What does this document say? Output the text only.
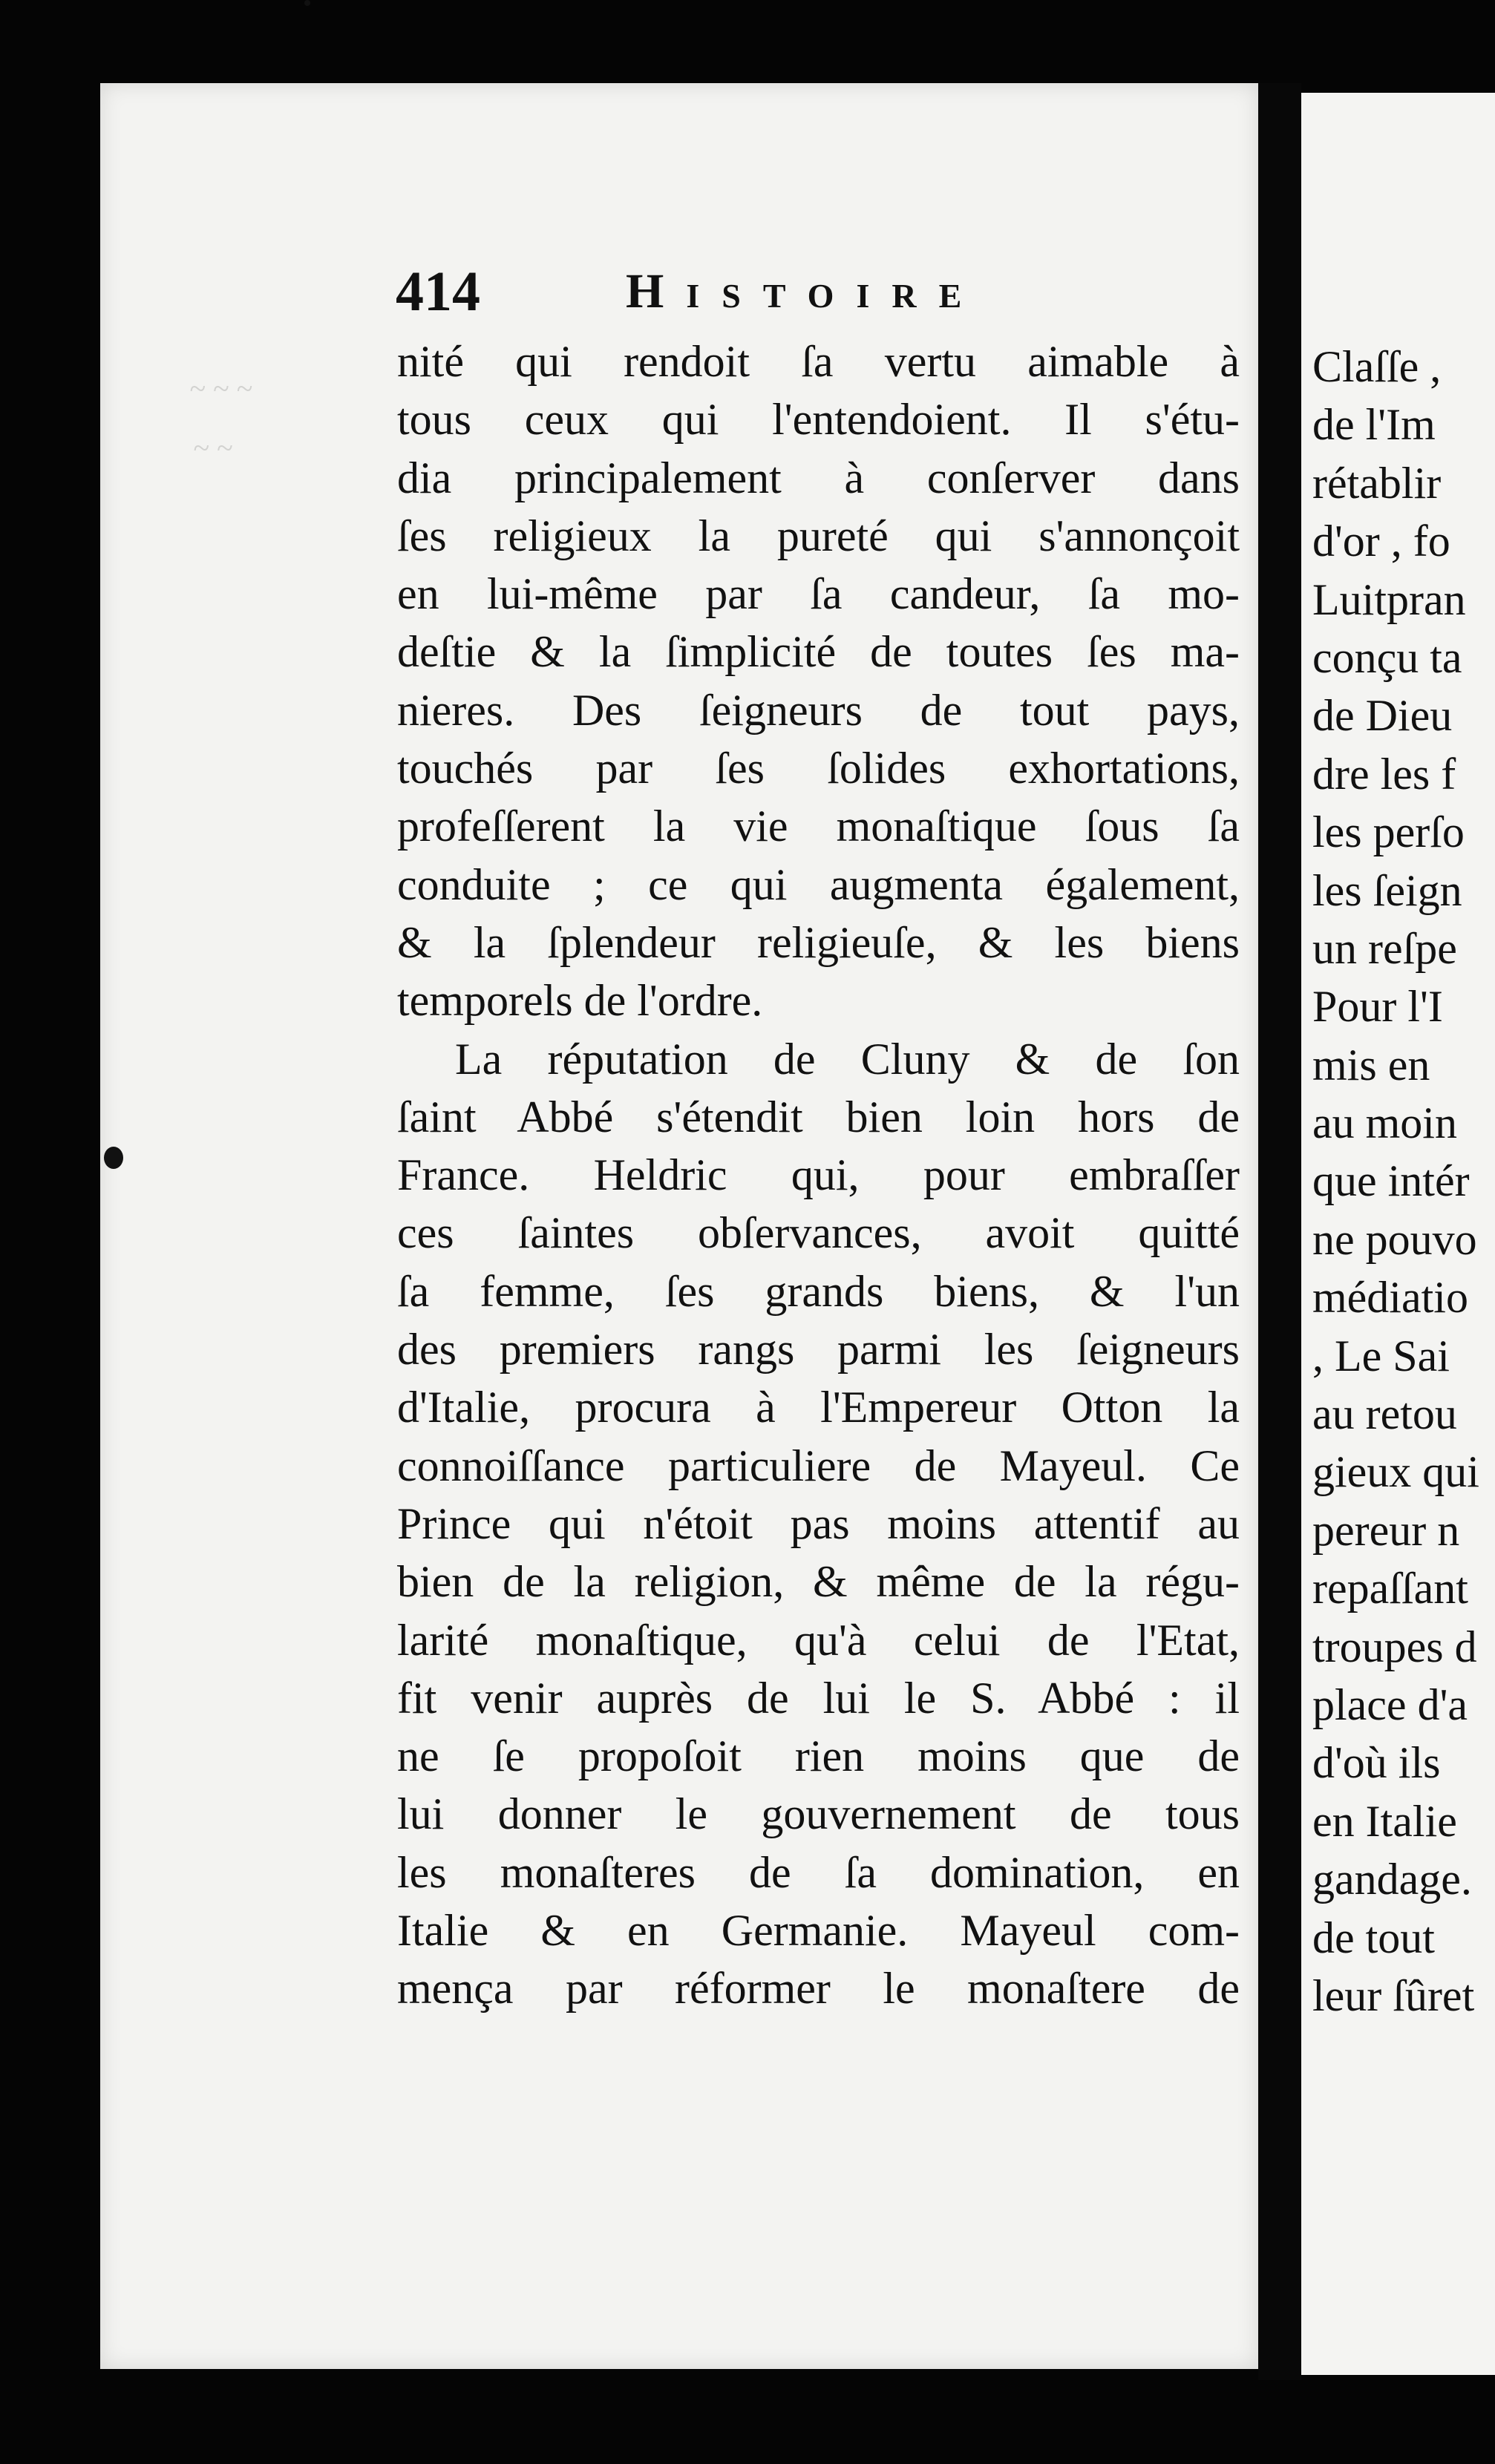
~ ~ ~
~ ~
414	Histoire
nité qui rendoit ſa vertu aimable à
tous ceux qui l'entendoient. Il s'étu-
dia principalement à conſerver dans
ſes religieux la pureté qui s'annonçoit
en lui-même par ſa candeur, ſa mo-
deſtie & la ſimplicité de toutes ſes ma-
nieres. Des ſeigneurs de tout pays,
touchés par ſes ſolides exhortations,
profeſſerent la vie monaſtique ſous ſa
conduite ; ce qui augmenta également,
& la ſplendeur religieuſe, & les biens
temporels de l'ordre.
La réputation de Cluny & de ſon
ſaint Abbé s'étendit bien loin hors de
France. Heldric qui, pour embraſſer
ces ſaintes obſervances, avoit quitté
ſa femme, ſes grands biens, & l'un
des premiers rangs parmi les ſeigneurs
d'Italie, procura à l'Empereur Otton la
connoiſſance particuliere de Mayeul. Ce
Prince qui n'étoit pas moins attentif au
bien de la religion, & même de la régu-
larité monaſtique, qu'à celui de l'Etat,
fit venir auprès de lui le S. Abbé : il
ne ſe propoſoit rien moins que de
lui donner le gouvernement de tous
les monaſteres de ſa domination, en
Italie & en Germanie. Mayeul com-
mença par réformer le monaſtere de
Claſſe ,
de l'Im
rétablir
d'or , fo
Luitpran
conçu ta
de Dieu
dre les f
les perſo
les ſeign
un reſpe
Pour l'I
mis en
au moin
que intér
ne pouvo
médiatio
, Le Sai
au retou
gieux qui
pereur n
repaſſant
troupes d
place d'a
d'où ils
en Italie
gandage.
de tout
leur ſûret
